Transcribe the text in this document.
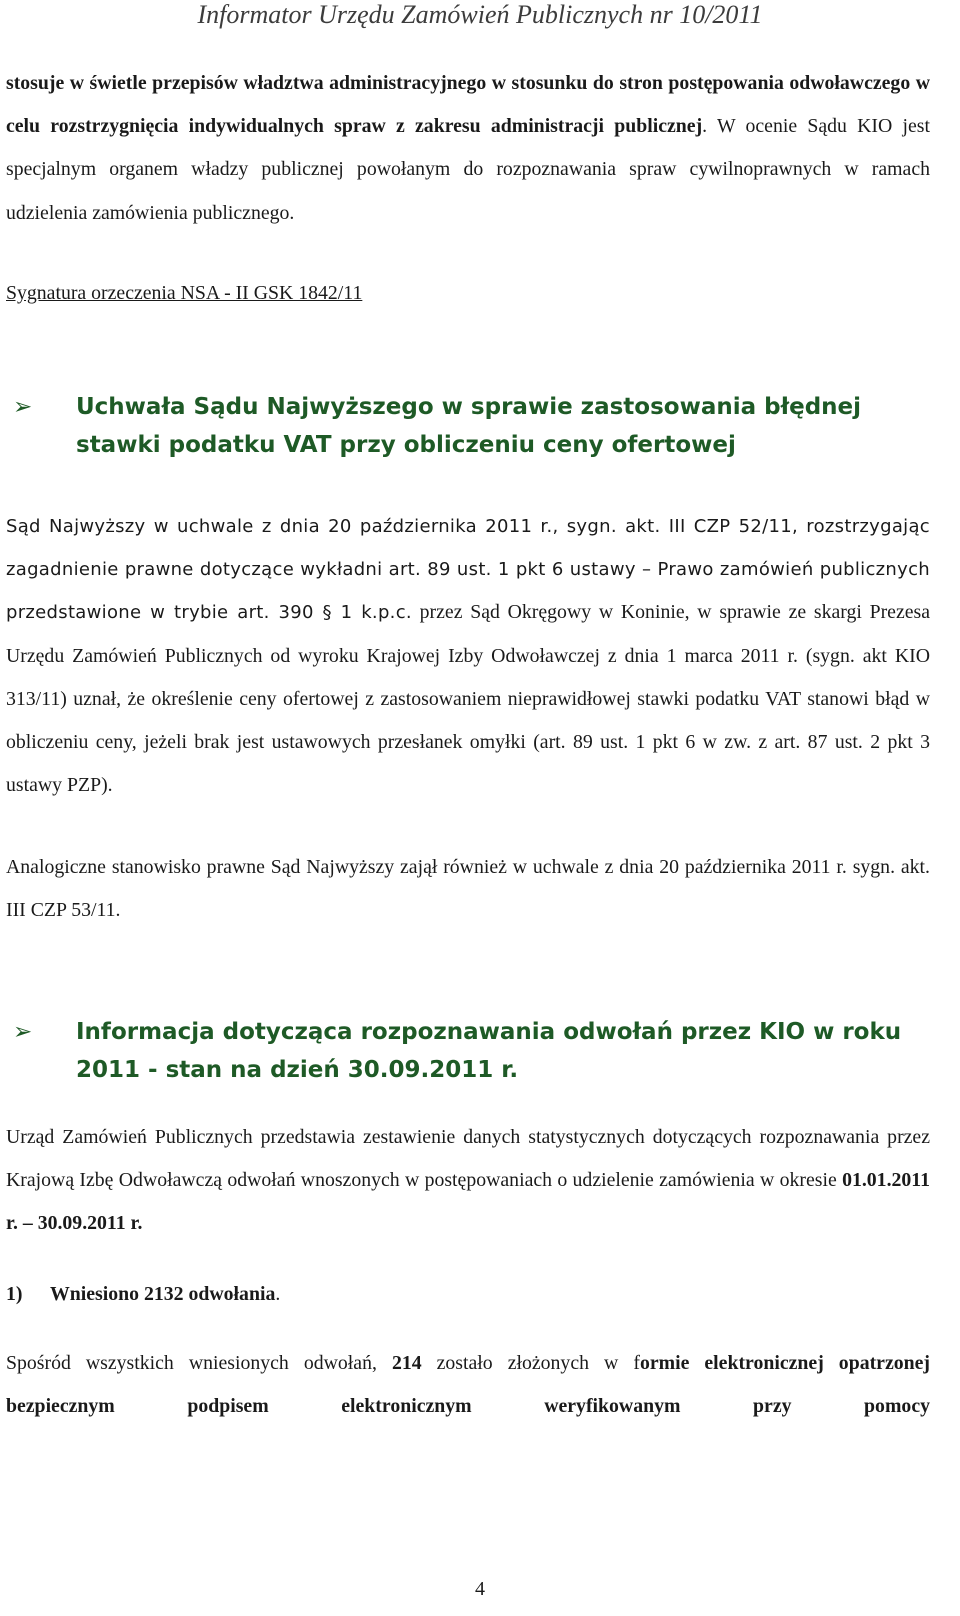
Informator Urzędu Zamówień Publicznych nr 10/2011

stosuje w świetle przepisów władztwa administracyjnego w stosunku do stron postępowania odwoławczego w celu rozstrzygnięcia indywidualnych spraw z zakresu administracji publicznej. W ocenie Sądu KIO jest specjalnym organem władzy publicznej powołanym do rozpoznawania spraw cywilnoprawnych w ramach udzielenia zamówienia publicznego.

Sygnatura orzeczenia NSA - II GSK 1842/11

➢ Uchwała Sądu Najwyższego w sprawie zastosowania błędnej stawki podatku VAT przy obliczeniu ceny ofertowej

Sąd Najwyższy w uchwale z dnia 20 października 2011 r., sygn. akt. III CZP 52/11, rozstrzygając zagadnienie prawne dotyczące wykładni art. 89 ust. 1 pkt 6 ustawy – Prawo zamówień publicznych przedstawione w trybie art. 390 § 1 k.p.c. przez Sąd Okręgowy w Koninie, w sprawie ze skargi Prezesa Urzędu Zamówień Publicznych od wyroku Krajowej Izby Odwoławczej z dnia 1 marca 2011 r. (sygn. akt KIO 313/11) uznał, że określenie ceny ofertowej z zastosowaniem nieprawidłowej stawki podatku VAT stanowi błąd w obliczeniu ceny, jeżeli brak jest ustawowych przesłanek omyłki (art. 89 ust. 1 pkt 6 w zw. z art. 87 ust. 2 pkt 3 ustawy PZP).

Analogiczne stanowisko prawne Sąd Najwyższy zajął również w uchwale z dnia 20 października 2011 r. sygn. akt. III CZP 53/11.

➢ Informacja dotycząca rozpoznawania odwołań przez KIO w roku 2011 - stan na dzień 30.09.2011 r.

Urząd Zamówień Publicznych przedstawia zestawienie danych statystycznych dotyczących rozpoznawania przez Krajową Izbę Odwoławczą odwołań wnoszonych w postępowaniach o udzielenie zamówienia w okresie 01.01.2011 r. – 30.09.2011 r.

1) Wniesiono 2132 odwołania.

Spośród wszystkich wniesionych odwołań, 214 zostało złożonych w formie elektronicznej opatrzonej bezpiecznym podpisem elektronicznym weryfikowanym przy pomocy

4
